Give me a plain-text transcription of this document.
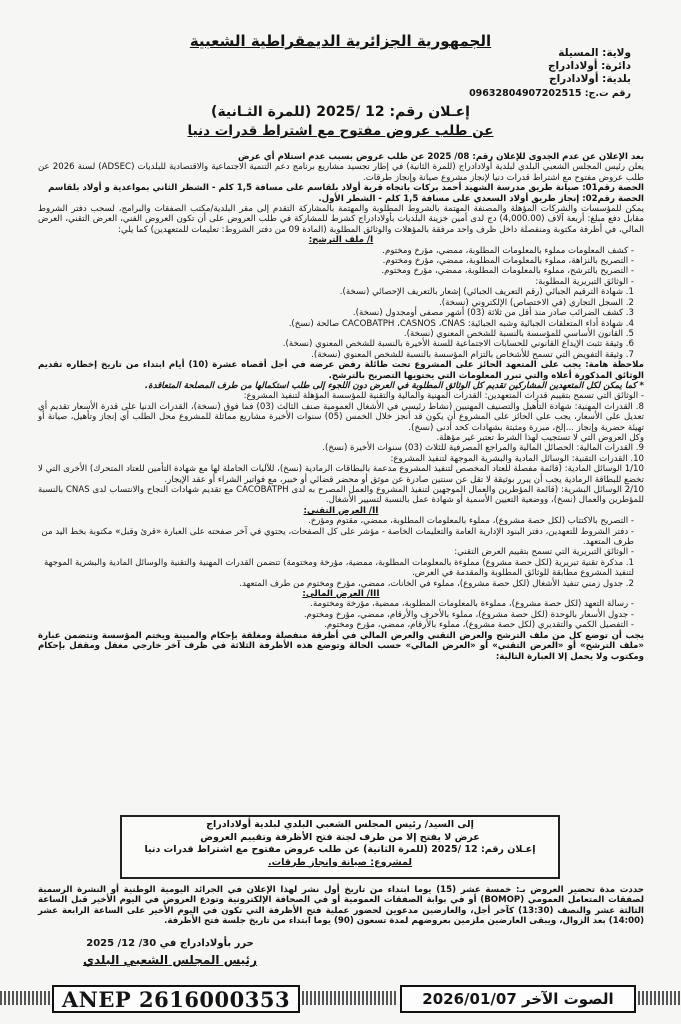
الجمهورية الجزائرية الديمقراطية الشعبية
ولاية: المسيلة
دائرة: أولادادراج
بلدية: أولادادراج
رقم ت.ج: 09632804907202515
إعـلان رقم: 12 /2025 (للمرة الثـانية)
عن طلب عروض مفتوح مع اشتراط قدرات دنيا

بعد الإعلان عن عدم الجدوى للإعلان رقم: 08/ 2025 عن طلب عروض بسبب عدم استلام أي عرض

يعلن رئيس المجلس الشعبي البلدي لبلدية أولادادراج (للمرة الثانية) في إطار تجسيد مشاريع برنامج دعم التنمية الاجتماعية والاقتصادية للبلديات (ADSEC) لسنة 2026 عن طلب عروض مفتوح مع اشتراط قدرات دنيا لإنجاز مشروع صيانة وإنجاز طرقات.

الحصة رقم01: صيانة طريق مدرسة الشهيد أحمد بركات باتجاه قرية أولاد بلقاسم على مسافة 1,5 كلم - الشطر الثاني بمواعدية و أولاد بلقاسم

الحصة رقم02: إنجاز طريق أولاد السعدي على مسافة 1,5 كلم - الشطر الأول.

يمكن للمؤسسات والشركات المؤهلة والمصنفة المهتمة بالشروط المطلوبة والمهتمة بالمشاركة التقدم إلى مقر البلدية/مكتب الصفقات والبرامج، لسحب دفتر الشروط مقابل دفع مبلغ: أربعة آلاف (4,000.00) دج لدى أمين خزينة البلديات بأولادادراج كشرط للمشاركة في طلب العروض على أن تكون العروض الفني، العرض التقني، العرض المالي، في أظرفة مكتوبة ومنفصلة داخل ظرف واحد مرفقة بالمؤهلات والوثائق المطلوبة (المادة 09 من دفتر الشروط: تعليمات للمتعهدين) كما يلي:

I/ ملف الترشح:

- كشف المعلومات مملوء بالمعلومات المطلوبة، ممضي، مؤرخ ومختوم.
- التصريح بالنزاهة، مملوء بالمعلومات المطلوبة، ممضي، مؤرخ ومختوم.
- التصريح بالترشح، مملوء بالمعلومات المطلوبة، ممضي، مؤرخ ومختوم.
- الوثائق التبريرية المطلوبة:
1. شهادة الترقيم الجبائي (رقم التعريف الجبائي) إشعار بالتعريف الإحصائي (نسخة).
2. السجل التجاري (في الاختصاص) الإلكتروني (نسخة).
3. كشف الضرائب صادر منذ أقل من ثلاثة (03) أشهر مصفى أومجدول (نسخة).
4. شهادة أداء المتعلقات الجبائية وشبه الجبائية: CACOBATPH ،CASNOS ،CNAS صالحة (نسخ).
5. القانون الأساسي للمؤسسة بالنسبة للشخص المعنوي (نسخة).
6. وثيقة تثبت الإيداع القانوني للحسابات الاجتماعية للسنة الأخيرة بالنسبة للشخص المعنوي (نسخة).
7. وثيقة التفويض التي تسمح للأشخاص بالتزام المؤسسة بالنسبة للشخص المعنوي (نسخة).

ملاحظة هامة: يجب على المتعهد الحائز على المشروع تحت طائلة رفض عرضه في أجل أقصاه عشرة (10) أيام ابتداء من تاريخ إخطاره تقديم الوثائق المذكورة أعلاه والتي تبرر المعلومات التي يحتويها التصريح بالترشح.

* كما يمكن لكل المتعهدين المشاركين تقديم كل الوثائق المطلوبة في العرض دون اللجوء إلى طلب استكمالها من طرف المصلحة المتعاقدة.

- الوثائق التي تسمح بتقييم قدرات المتعهدين: القدرات المهنية والمالية والتقنية للمؤسسة المؤهلة لتنفيذ المشروع:

8. القدرات المهنية: شهادة التأهيل والتصنيف المهنيين (نشاط رئيسي في الأشغال العمومية صنف الثالث (03) فما فوق (نسخة)، القدرات الدنيا على قدرة الأسعار تقديم أي تعديل على الأسعار، يجب على الحائز على المشروع أن يكون قد أنجز خلال الخمس (05) سنوات الأخيرة مشاريع مماثلة للمشروع محل الطلب أي إنجاز وتأهيل، صيانة أو تهيئة حضرية وإنجاز ...إلخ، مبررة ومثبتة بشهادات كحد أدنى (نسخ).

وكل العروض التي لا تستجيب لهذا الشرط تعتبر غير مؤهلة.

9. القدرات المالية: الحصائل المالية والمراجع المصرفية للثلاث (03) سنوات الأخيرة (نسخ).

10. القدرات التقنية: الوسائل المادية والبشرية الموجهة لتنفيذ المشروع:

1/10 الوسائل المادية: (قائمة مفصلة للعتاد المخصص لتنفيذ المشروع مدعمة بالبطاقات الرمادية (نسخ)، للآليات الحاملة لها مع شهادة التأمين للعتاد المتحرك) الأخرى التي لا تخضع للبطاقة الرمادية يجب أن يبرر بوثيقة لا تقل عن سنتين صادرة عن موثق أو محضر قضائي أو خبير، مع فواتير الشراء أو عقد الإيجار.

2/10 الوسائل البشرية: (قائمة المؤطرين والعمال الموجهين لتنفيذ المشروع والعمل المصرح به لدى CACOBATPH مع تقديم شهادات النجاح والانتساب لدى CNAS بالنسبة للمؤطرين والعمال (نسخ)، ووضعية التعيين الأسمية أو شهادة عمل بالنسبة لتسيير الأشغال.

II/ العرض التقني:

- التصريح بالاكتتاب (لكل حصة مشروع)، مملوء بالمعلومات المطلوبة، ممضي، مقتوم ومؤرخ.
- دفتر الشروط للتعهدين، دفتر البنود الإدارية العامة والتعليمات الخاصة - مؤشر على كل الصفحات، يحتوي في آخر صفحته على العبارة «قرئ وقبل» مكتوبة بخط اليد من طرف المتعهد.
- الوثائق التبريرية التي تسمح بتقييم العرض التقني:
1. مذكرة تقنية تبريرية (لكل حصة مشروع) مملوءة بالمعلومات المطلوبة، ممضية، مؤرخة ومختومة) تتضمن القدرات المهنية والتقنية والوسائل المادية والبشرية الموجهة لتنفيذ المشروع مطابقة للوثائق المطلوبة والمقدمة في العرض.
2. جدول زمني تنفيذ الأشغال (لكل حصة مشروع)، مملوء في الخانات، ممضي، مؤرخ ومختوم من طرف المتعهد.

III/ العرض المالي:

- رسالة التعهد (لكل حصة مشروع)، مملوءة بالمعلومات المطلوبة، ممضية، مؤرخة ومختومة.
- جدول الأسعار بالوحدة (لكل حصة مشروع)، مملوء بالأحرف والأرقام، ممضي، مؤرخ ومختوم.
- التفصيل الكمي والتقديري (لكل حصة مشروع)، مملوء بالأرقام، ممضي، مؤرخ ومختوم.

يجب أن توضع كل من ملف الترشح والعرض التقني والعرض المالي في أظرفة منفصلة ومغلقة بإحكام والمبينة ويختم المؤسسة وتتضمن عبارة «ملف الترشح» أو «العرض التقني» أو «العرض المالي» حسب الحالة وتوضع هذه الأظرفة الثلاثة في ظرف آخر خارجي مغفل ومقفل بإحكام ومكتوب ولا يحمل إلا العبارة التالية:

إلى السيد/ رئيس المجلس الشعبي البلدي لبلدية أولادادراج
عرض لا يفتح إلا من طرف لجنة فتح الأظرفة وتقييم العروض
إعـلان رقم: 12 /2025 (للمرة الثانية) عن طلب عروض مفتوح مع اشتراط قدرات دنيا
لمشروع: صيانة وإنجاز طرقات.
حددت مدة تحضير العروض بـ: خمسة عشر (15) يوما ابتداء من تاريخ أول نشر لهذا الإعلان في الجرائد اليومية الوطنية أو النشرة الرسمية لصفقات المتعامل العمومي (BOMOP) أو في بوابة الصفقات العمومية أو في الصحافة الإلكترونية وتودع العروض في اليوم الأخير قبل الساعة الثالثة عشر والنصف (13:30) كآخر أجل، والعارضين مدعوين لحضور عملية فتح الأظرفة التي تكون في اليوم الأخير على الساعة الرابعة عشر (14:00) بعد الزوال، ويبقى العارضين ملزمين بعروضهم لمدة تسعون (90) يوما ابتداء من تاريخ جلسة فتح الأظرفة.
حرر بأولادادراج في 30/ 12/ 2025
رئيس المجلس الشعبي البلدي
ANEP 2616000353	الصوت الآخر 2026/01/07
